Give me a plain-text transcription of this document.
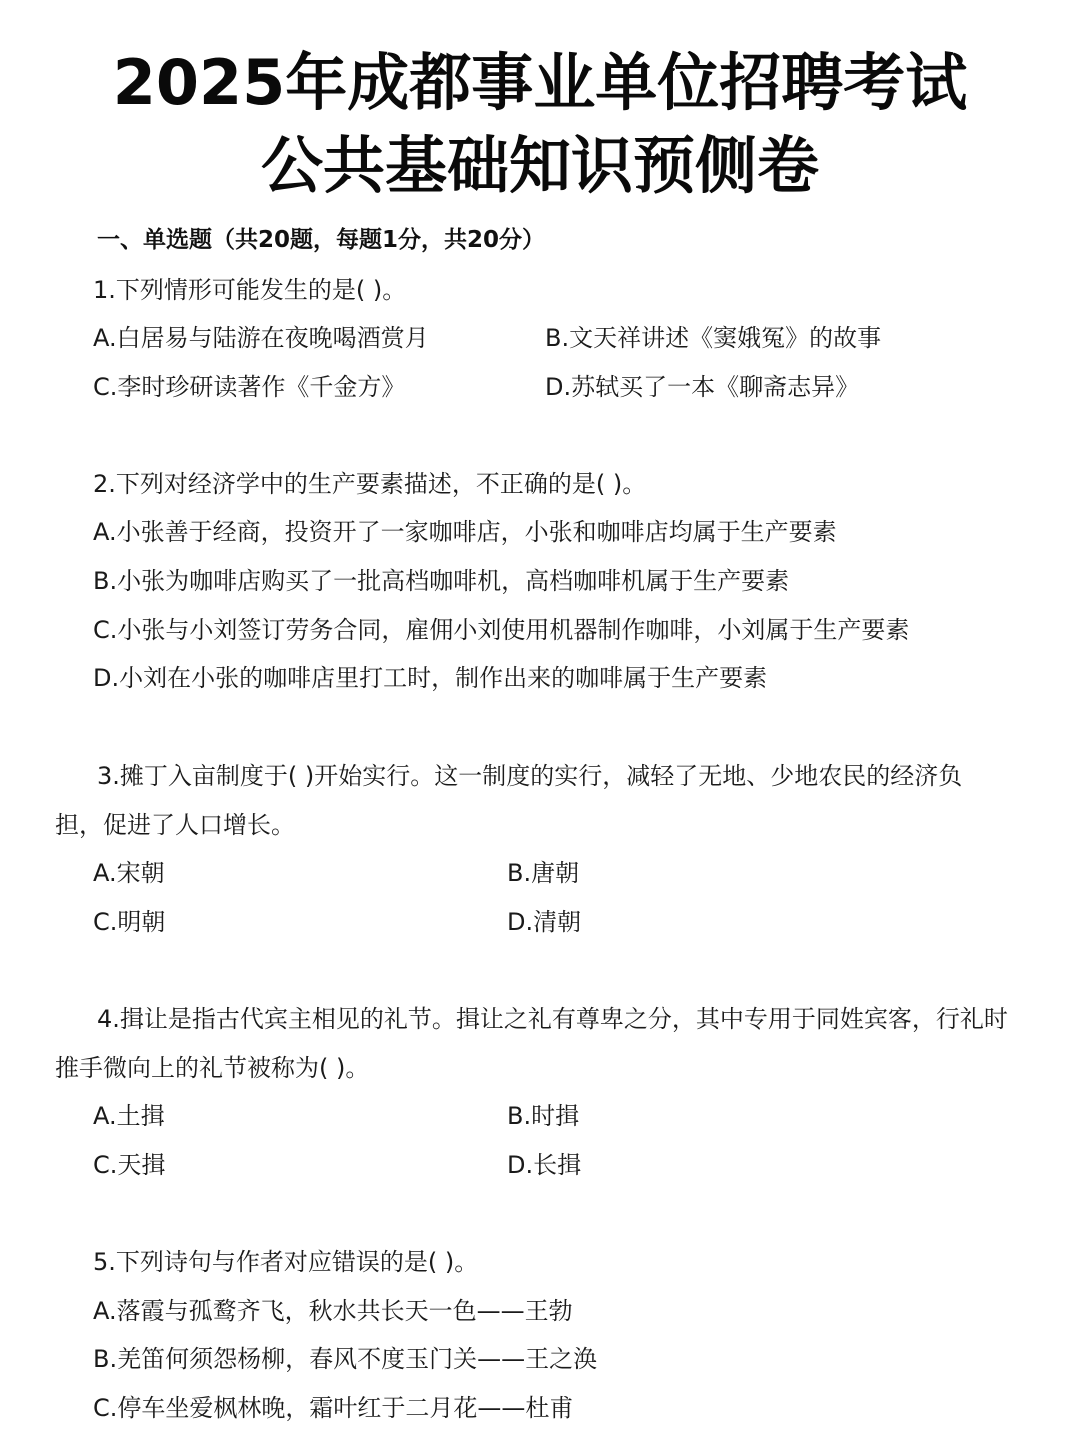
2025年成都事业单位招聘考试
公共基础知识预侧卷
一、单选题（共20题，每题1分，共20分）
1.下列情形可能发生的是( )。
A.白居易与陆游在夜晚喝酒赏月	B.文天祥讲述《窦娥冤》的故事
C.李时珍研读著作《千金方》	D.苏轼买了一本《聊斋志异》
2.下列对经济学中的生产要素描述，不正确的是( )。
A.小张善于经商，投资开了一家咖啡店，小张和咖啡店均属于生产要素
B.小张为咖啡店购买了一批高档咖啡机，高档咖啡机属于生产要素
C.小张与小刘签订劳务合同，雇佣小刘使用机器制作咖啡，小刘属于生产要素
D.小刘在小张的咖啡店里打工时，制作出来的咖啡属于生产要素
3.摊丁入亩制度于( )开始实行。这一制度的实行，减轻了无地、少地农民的经济负
担，促进了人口增长。
A.宋朝	B.唐朝
C.明朝	D.清朝
4.揖让是指古代宾主相见的礼节。揖让之礼有尊卑之分，其中专用于同姓宾客，行礼时
推手微向上的礼节被称为( )。
A.土揖	B.时揖
C.天揖	D.长揖
5.下列诗句与作者对应错误的是( )。
A.落霞与孤鹜齐飞，秋水共长天一色——王勃
B.羌笛何须怨杨柳，春风不度玉门关——王之涣
C.停车坐爱枫林晚，霜叶红于二月花——杜甫
